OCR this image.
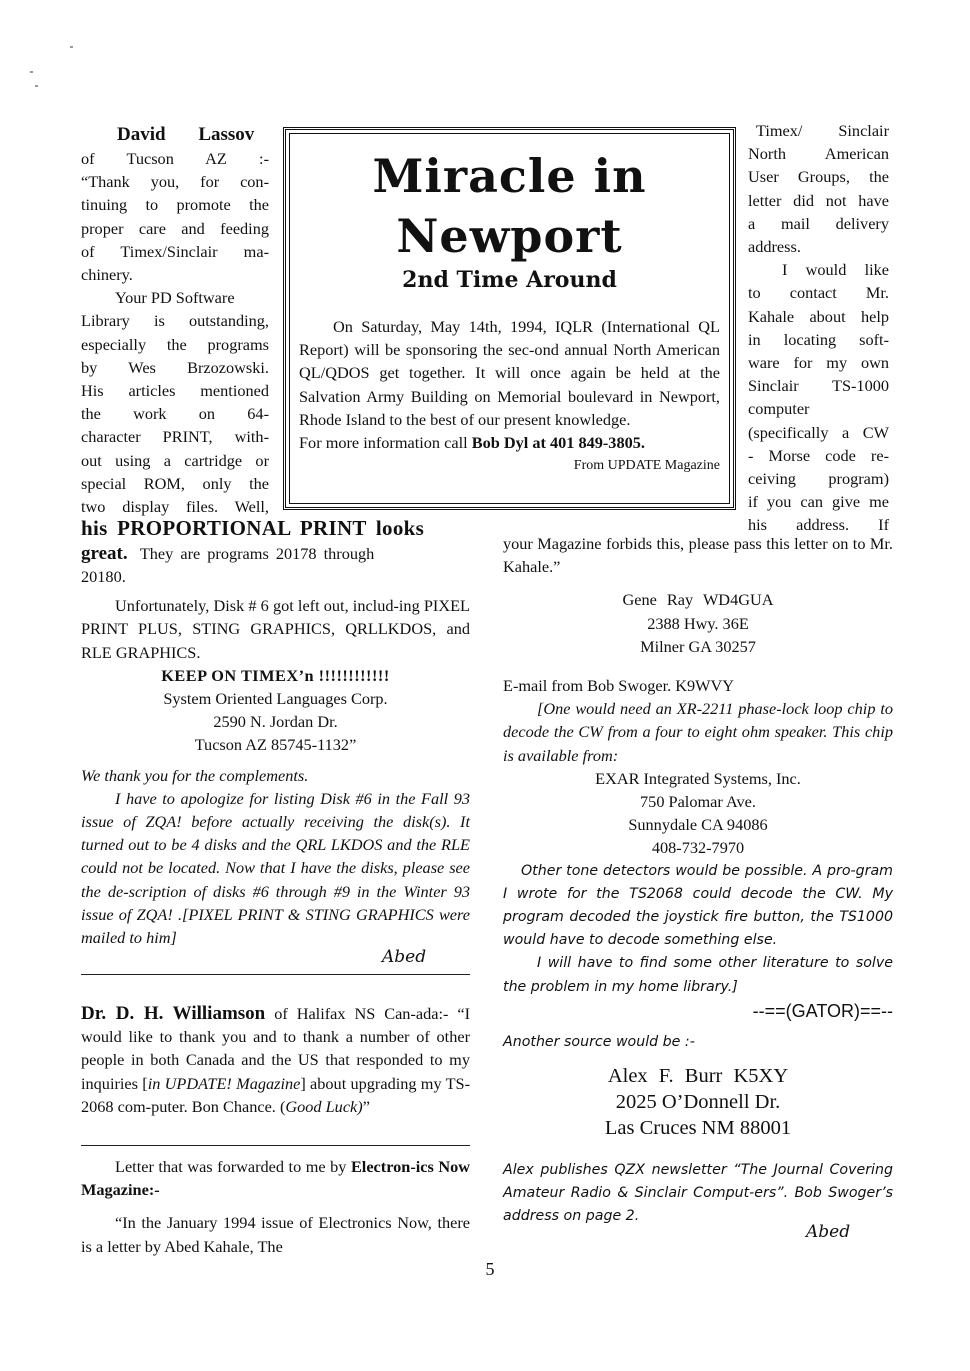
David Lassov
of Tucson AZ :-
“Thank you, for con-
tinuing to promote the
proper care and feeding
of Timex/Sinclair ma-
chinery.
Your PD Software
Library is outstanding,
especially the programs
by Wes Brzozowski.
His articles mentioned
the work on 64-
character PRINT, with-
out using a cartridge or
special ROM, only the
two display files. Well,
his PROPORTIONAL PRINT looks
great. They are programs 20178 through
20180.

Unfortunately, Disk # 6 got left out, includ-ing PIXEL PRINT PLUS, STING GRAPHICS, QRLLKDOS, and RLE GRAPHICS.

KEEP ON TIMEX’n !!!!!!!!!!!!
System Oriented Languages Corp.
2590 N. Jordan Dr.
Tucson AZ 85745-1132”
We thank you for the complements.

I have to apologize for listing Disk #6 in the Fall 93 issue of ZQA! before actually receiving the disk(s). It turned out to be 4 disks and the QRL LKDOS and the RLE could not be located. Now that I have the disks, please see the de-scription of disks #6 through #9 in the Winter 93 issue of ZQA! .[PIXEL PRINT & STING GRAPHICS were mailed to him]

Abed

Dr. D. H. Williamson of Halifax NS Can-ada:- “I would like to thank you and to thank a number of other people in both Canada and the US that responded to my inquiries [in UPDATE! Magazine] about upgrading my TS-2068 com-puter. Bon Chance. (Good Luck)”

Letter that was forwarded to me by Electron-ics Now Magazine:-

“In the January 1994 issue of Electronics Now, there is a letter by Abed Kahale, The

Miracle in
Newport
2nd Time Around

On Saturday, May 14th, 1994, IQLR (International QL Report) will be sponsoring the sec-ond annual North American QL/QDOS get together. It will once again be held at the Salvation Army Building on Memorial boulevard in Newport, Rhode Island to the best of our present knowledge.

For more information call Bob Dyl at 401 849-3805.

From UPDATE Magazine
Timex/ Sinclair
North American
User Groups, the
letter did not have
a mail delivery
address.
I would like
to contact Mr.
Kahale about help
in locating soft-
ware for my own
Sinclair TS-1000
computer
(specifically a CW
- Morse code re-
ceiving program)
if you can give me
his address. If

your Magazine forbids this, please pass this letter on to Mr. Kahale.”

Gene Ray WD4GUA
2388 Hwy. 36E
Milner GA 30257
E-mail from Bob Swoger. K9WVY

[One would need an XR-2211 phase-lock loop chip to decode the CW from a four to eight ohm speaker. This chip is available from:

EXAR Integrated Systems, Inc.
750 Palomar Ave.
Sunnydale CA 94086
408-732-7970

Other tone detectors would be possible. A pro-gram I wrote for the TS2068 could decode the CW. My program decoded the joystick fire button, the TS1000 would have to decode something else.

I will have to find some other literature to solve the problem in my home library.]

--==(GATOR)==--
Another source would be :-
Alex F. Burr K5XY
2025 O’Donnell Dr.
Las Cruces NM 88001

Alex publishes QZX newsletter “The Journal Covering Amateur Radio & Sinclair Comput-ers”. Bob Swoger’s address on page 2.

Abed
5
